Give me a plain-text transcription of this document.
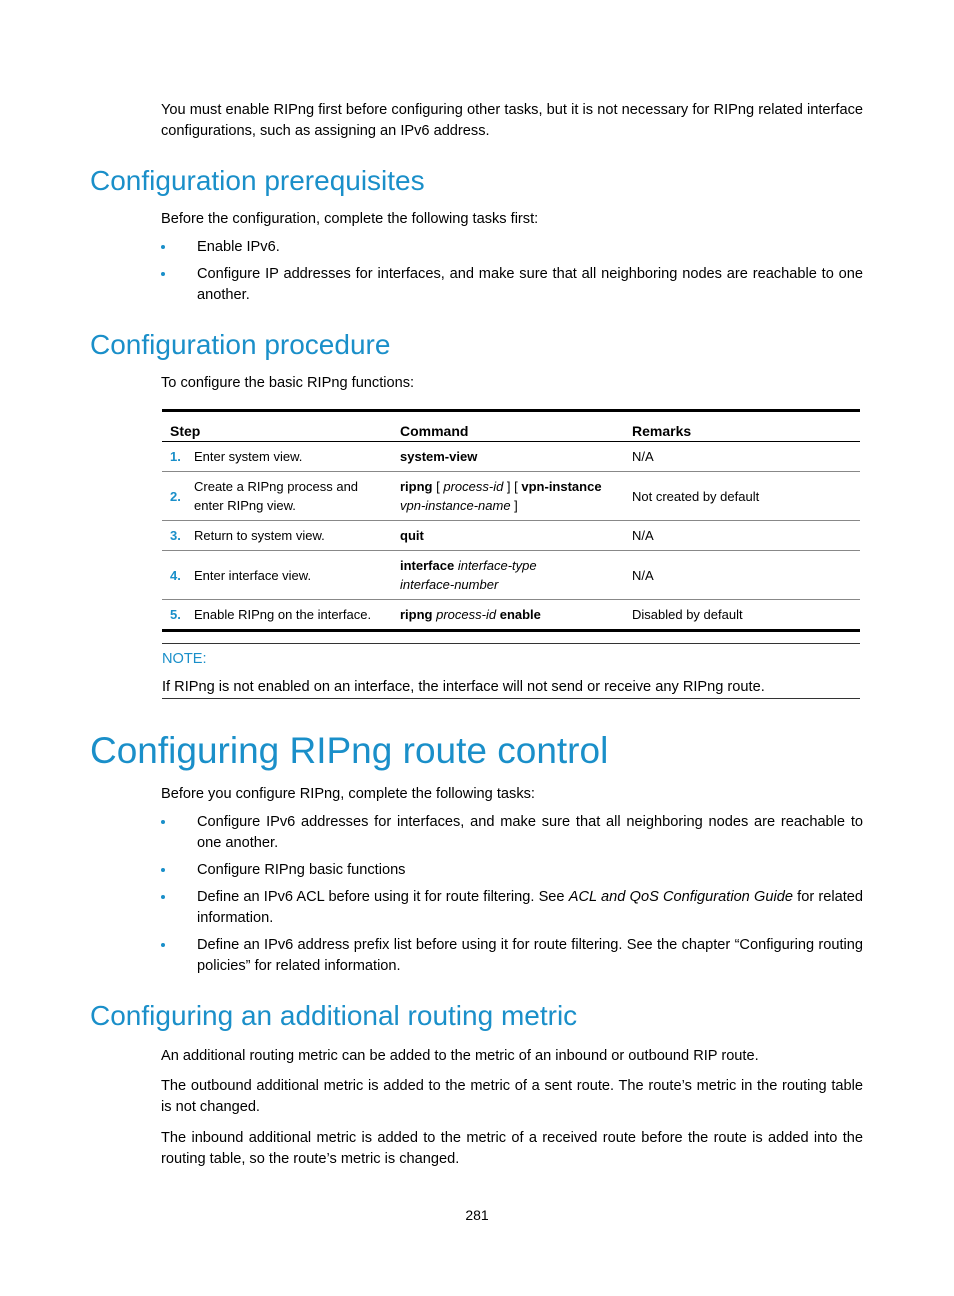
You must enable RIPng first before configuring other tasks, but it is not necessary for RIPng related interface configurations, such as assigning an IPv6 address.

Configuration prerequisites

Before the configuration, complete the following tasks first:

Enable IPv6.
Configure IP addresses for interfaces, and make sure that all neighboring nodes are reachable to one another.
Configuration procedure

To configure the basic RIPng functions:

Step		Command	Remarks
1.	Enter system view.	system-view	N/A
2.	Create a RIPng process and enter RIPng view.	ripng [ process-id ] [ vpn-instance
vpn-instance-name ]	Not created by default
3.	Return to system view.	quit	N/A
4.	Enter interface view.	interface interface-type
interface-number	N/A
5.	Enable RIPng on the interface.	ripng process-id enable	Disabled by default
NOTE:
If RIPng is not enabled on an interface, the interface will not send or receive any RIPng route.
Configuring RIPng route control

Before you configure RIPng, complete the following tasks:

Configure IPv6 addresses for interfaces, and make sure that all neighboring nodes are reachable to one another.
Configure RIPng basic functions
Define an IPv6 ACL before using it for route filtering. See ACL and QoS Configuration Guide for related information.
Define an IPv6 address prefix list before using it for route filtering. See the chapter “Configuring routing policies” for related information.
Configuring an additional routing metric

An additional routing metric can be added to the metric of an inbound or outbound RIP route.

The outbound additional metric is added to the metric of a sent route. The route’s metric in the routing table is not changed.

The inbound additional metric is added to the metric of a received route before the route is added into the routing table, so the route’s metric is changed.

281
